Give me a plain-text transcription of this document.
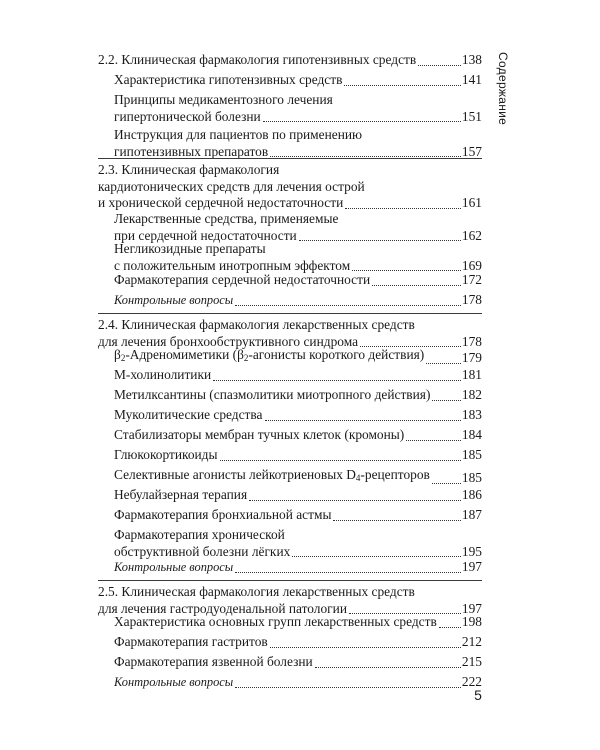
2.2. Клиническая фармакология гипотензивных средств	138
Характеристика гипотензивных средств	141
Принципы медикаментозного лечения
гипертонической болезни	151
Инструкция для пациентов по применению
гипотензивных препаратов	157
2.3. Клиническая фармакология
кардиотонических средств для лечения острой
и хронической сердечной недостаточности	161
Лекарственные средства, применяемые
при сердечной недостаточности	162
Негликозидные препараты
с положительным инотропным эффектом	169
Фармакотерапия сердечной недостаточности	172
Контрольные вопросы	178
2.4. Клиническая фармакология лекарственных средств
для лечения бронхообструктивного синдрома	178
$\beta_2$-Адреномиметики ($\beta_2$-агонисты короткого действия)	179
М-холинолитики	181
Метилксантины (спазмолитики миотропного действия) 182
Муколитические средства	183
Стабилизаторы мембран тучных клеток (кромоны)	184
Глюкокортикоиды	185
Селективные агонисты лейкотриеновых $D_4$-рецепторов 185
Небулайзерная терапия	186
Фармакотерапия бронхиальной астмы	187
Фармакотерапия хронической
обструктивной болезни лёгких	195
Контрольные вопросы	197
2.5. Клиническая фармакология лекарственных средств
для лечения гастродуоденальной патологии	197
Характеристика основных групп лекарственных средств 198
Фармакотерапия гастритов	212
Фармакотерапия язвенной болезни	215
Контрольные вопросы	222
Содержание
5
